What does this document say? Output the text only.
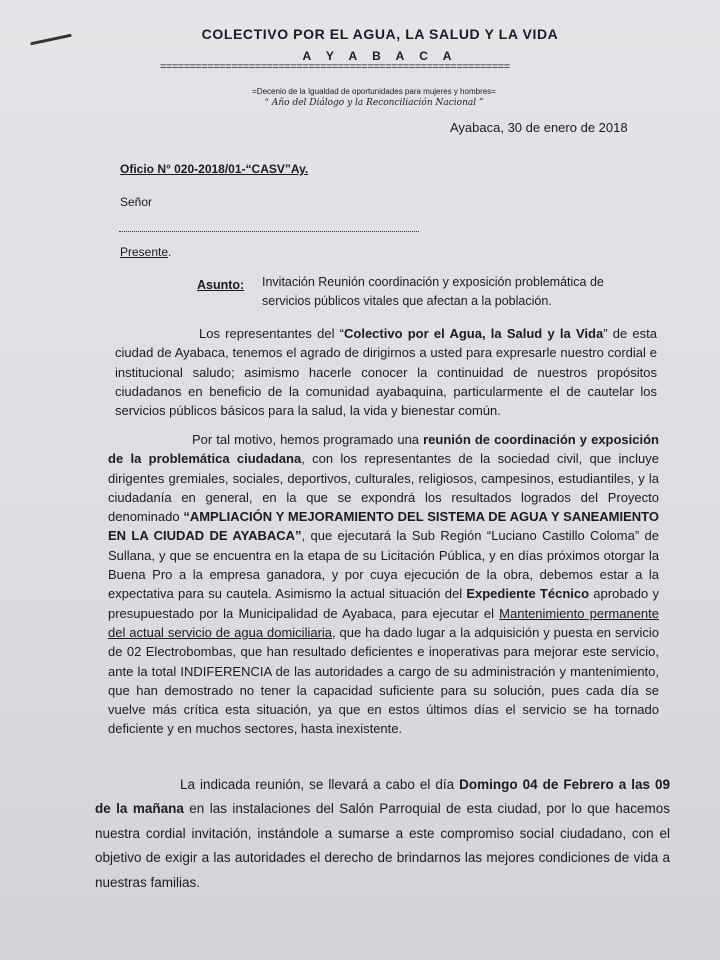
COLECTIVO POR EL AGUA, LA SALUD Y LA VIDA
A Y A B A C A
===========================================================
=Decenio de la Igualdad de oportunidades para mujeres y hombres=
“ Año del Diálogo y la Reconciliación Nacional ”
Ayabaca, 30 de enero de 2018
Oficio N° 020-2018/01-“CASV”Ay.
Señor
Presente.
Asunto: Invitación Reunión coordinación y exposición problemática de servicios públicos vitales que afectan a la población.
Los representantes del “Colectivo por el Agua, la Salud y la Vida” de esta ciudad de Ayabaca, tenemos el agrado de dirigirnos a usted para expresarle nuestro cordial e institucional saludo; asimismo hacerle conocer la continuidad de nuestros propósitos ciudadanos en beneficio de la comunidad ayabaquina, particularmente el de cautelar los servicios públicos básicos para la salud, la vida y bienestar común.
Por tal motivo, hemos programado una reunión de coordinación y exposición de la problemática ciudadana, con los representantes de la sociedad civil, que incluye dirigentes gremiales, sociales, deportivos, culturales, religiosos, campesinos, estudiantiles, y la ciudadanía en general, en la que se expondrá los resultados logrados del Proyecto denominado “AMPLIACIÓN Y MEJORAMIENTO DEL SISTEMA DE AGUA Y SANEAMIENTO EN LA CIUDAD DE AYABACA”, que ejecutará la Sub Región “Luciano Castillo Coloma” de Sullana, y que se encuentra en la etapa de su Licitación Pública, y en días próximos otorgar la Buena Pro a la empresa ganadora, y por cuya ejecución de la obra, debemos estar a la expectativa para su cautela. Asimismo la actual situación del Expediente Técnico aprobado y presupuestado por la Municipalidad de Ayabaca, para ejecutar el Mantenimiento permanente del actual servicio de agua domiciliaria, que ha dado lugar a la adquisición y puesta en servicio de 02 Electrobombas, que han resultado deficientes e inoperativas para mejorar este servicio, ante la total INDIFERENCIA de las autoridades a cargo de su administración y mantenimiento, que han demostrado no tener la capacidad suficiente para su solución, pues cada día se vuelve más crítica esta situación, ya que en estos últimos días el servicio se ha tornado deficiente y en muchos sectores, hasta inexistente.
La indicada reunión, se llevará a cabo el día Domingo 04 de Febrero a las 09 de la mañana en las instalaciones del Salón Parroquial de esta ciudad, por lo que hacemos nuestra cordial invitación, instándole a sumarse a este compromiso social ciudadano, con el objetivo de exigir a las autoridades el derecho de brindarnos las mejores condiciones de vida a nuestras familias.
